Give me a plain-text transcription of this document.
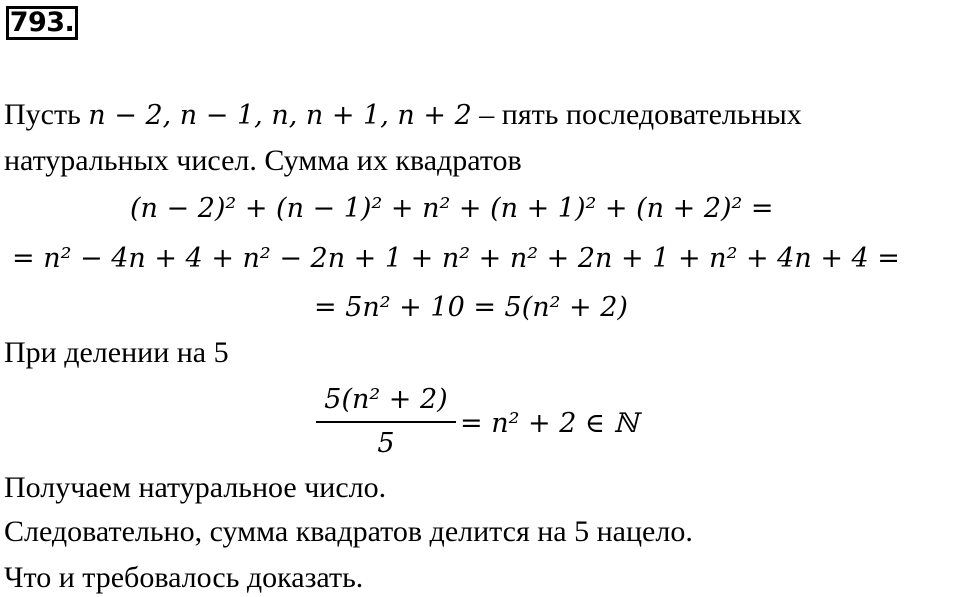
793.
Пусть n − 2, n − 1, n, n + 1, n + 2 – пять последовательных
натуральных чисел. Сумма их квадратов
(n − 2)² + (n − 1)² + n² + (n + 1)² + (n + 2)² =
= n² − 4n + 4 + n² − 2n + 1 + n² + n² + 2n + 1 + n² + 4n + 4 =
= 5n² + 10 = 5(n² + 2)
При делении на 5
5(n² + 2)
5
= n² + 2 ∈ ℕ
Получаем натуральное число.
Следовательно, сумма квадратов делится на 5 нацело.
Что и требовалось доказать.
